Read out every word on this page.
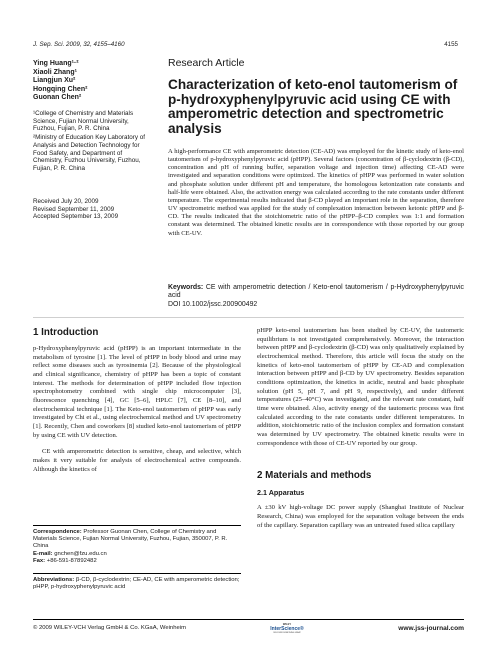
J. Sep. Sci. 2009, 32, 4155–4160	4155
Ying Huang¹·²
Xiaoli Zhang¹
Liangjun Xu²
Hongqing Chen²
Guonan Chen²
¹College of Chemistry and Materials Science, Fujian Normal University, Fuzhou, Fujian, P. R. China
²Ministry of Education Key Laboratory of Analysis and Detection Technology for Food Safety, and Department of Chemistry, Fuzhou University, Fuzhou, Fujian, P. R. China
Received July 20, 2009
Revised September 11, 2009
Accepted September 13, 2009
Research Article
Characterization of keto-enol tautomerism of p-hydroxyphenylpyruvic acid using CE with amperometric detection and spectrometric analysis
A high-performance CE with amperometric detection (CE-AD) was employed for the kinetic study of keto-enol tautomerism of p-hydroxyphenylpyruvic acid (pHPP). Several factors (concentration of β-cyclodextrin (β-CD), concentration and pH of running buffer, separation voltage and injection time) affecting CE-AD were investigated and separation conditions were optimized. The kinetics of pHPP was performed in water solution and phosphate solution under different pH and temperature, the homologous ketonization rate constants and half-life were obtained. Also, the activation energy was calculated according to the rate constants under different temperature. The experimental results indicated that β-CD played an important role in the separation, therefore UV spectrometric method was applied for the study of complexation interaction between ketonic pHPP and β-CD. The results indicated that the stoichiometric ratio of the pHPP–β-CD complex was 1:1 and formation constant was determined. The obtained kinetic results are in correspondence with those reported by our group with CE-UV.
Keywords: CE with amperometric detection / Keto-enol tautomerism / p-Hydroxyphenylpyruvic acid
DOI 10.1002/jssc.200900492
1 Introduction

p-Hydroxyphenylpyruvic acid (pHPP) is an important intermediate in the metabolism of tyrosine [1]. The level of pHPP in body blood and urine may reflect some diseases such as tyrosinemia [2]. Because of the physiological and clinical significance, chemistry of pHPP has been a topic of constant interest. The methods for determination of pHPP included flow injection spectrophotometry combined with single chip microcomputer [3], fluorescence quenching [4], GC [5–6], HPLC [7], CE [8–10], and electrochemical technique [1]. The Keto-enol tautomerism of pHPP was early investigated by Chi et al., using electrochemical method and UV spectrometry [1]. Recently, Chen and coworkers [8] studied keto-enol tautomerism of pHPP by using CE with UV detection.

CE with amperometric detection is sensitive, cheap, and selective, which makes it very suitable for analysis of electrochemical active compounds. Although the kinetics of

Correspondence: Professor Guonan Chen, College of Chemistry and Materials Science, Fujian Normal University, Fuzhou, Fujian, 350007, P. R. China
E-mail: gnchen@fzu.edu.cn
Fax: +86-591-87892482
Abbreviations: β-CD, β-cyclodextrin; CE-AD, CE with amperometric detection; pHPP, p-hydroxyphenylpyruvic acid

pHPP keto-enol tautomerism has been studied by CE-UV, the tautomeric equilibrium is not investigated comprehensively. Moreover, the interaction between pHPP and β-cyclodextrin (β-CD) was only qualitatively explained by electrochemical method. Therefore, this article will focus the study on the kinetics of keto-enol tautomerism of pHPP by CE-AD and complexation interaction between pHPP and β-CD by UV spectrometry. Besides separation conditions optimization, the kinetics in acidic, neutral and basic phosphate solution (pH 5, pH 7, and pH 9, respectively), and under different temperatures (25–40°C) was investigated, and the relevant rate constant, half time were obtained. Also, activity energy of the tautomeric process was first calculated according to the rate constants under different temperatures. In addition, stoichiometric ratio of the inclusion complex and formation constant was determined by UV spectrometry. The obtained kinetic results were in correspondence with those of CE-UV reported by our group.

2 Materials and methods
2.1 Apparatus

A ±30 kV high-voltage DC power supply (Shanghai Institute of Nuclear Research, China) was employed for the separation voltage between the ends of the capillary. Separation capillary was an untreated fused silica capillary

© 2009 WILEY-VCH Verlag GmbH & Co. KGaA, Weinheim
WILEY
InterScience®
DISCOVER SOMETHING GREAT
www.jss-journal.com
